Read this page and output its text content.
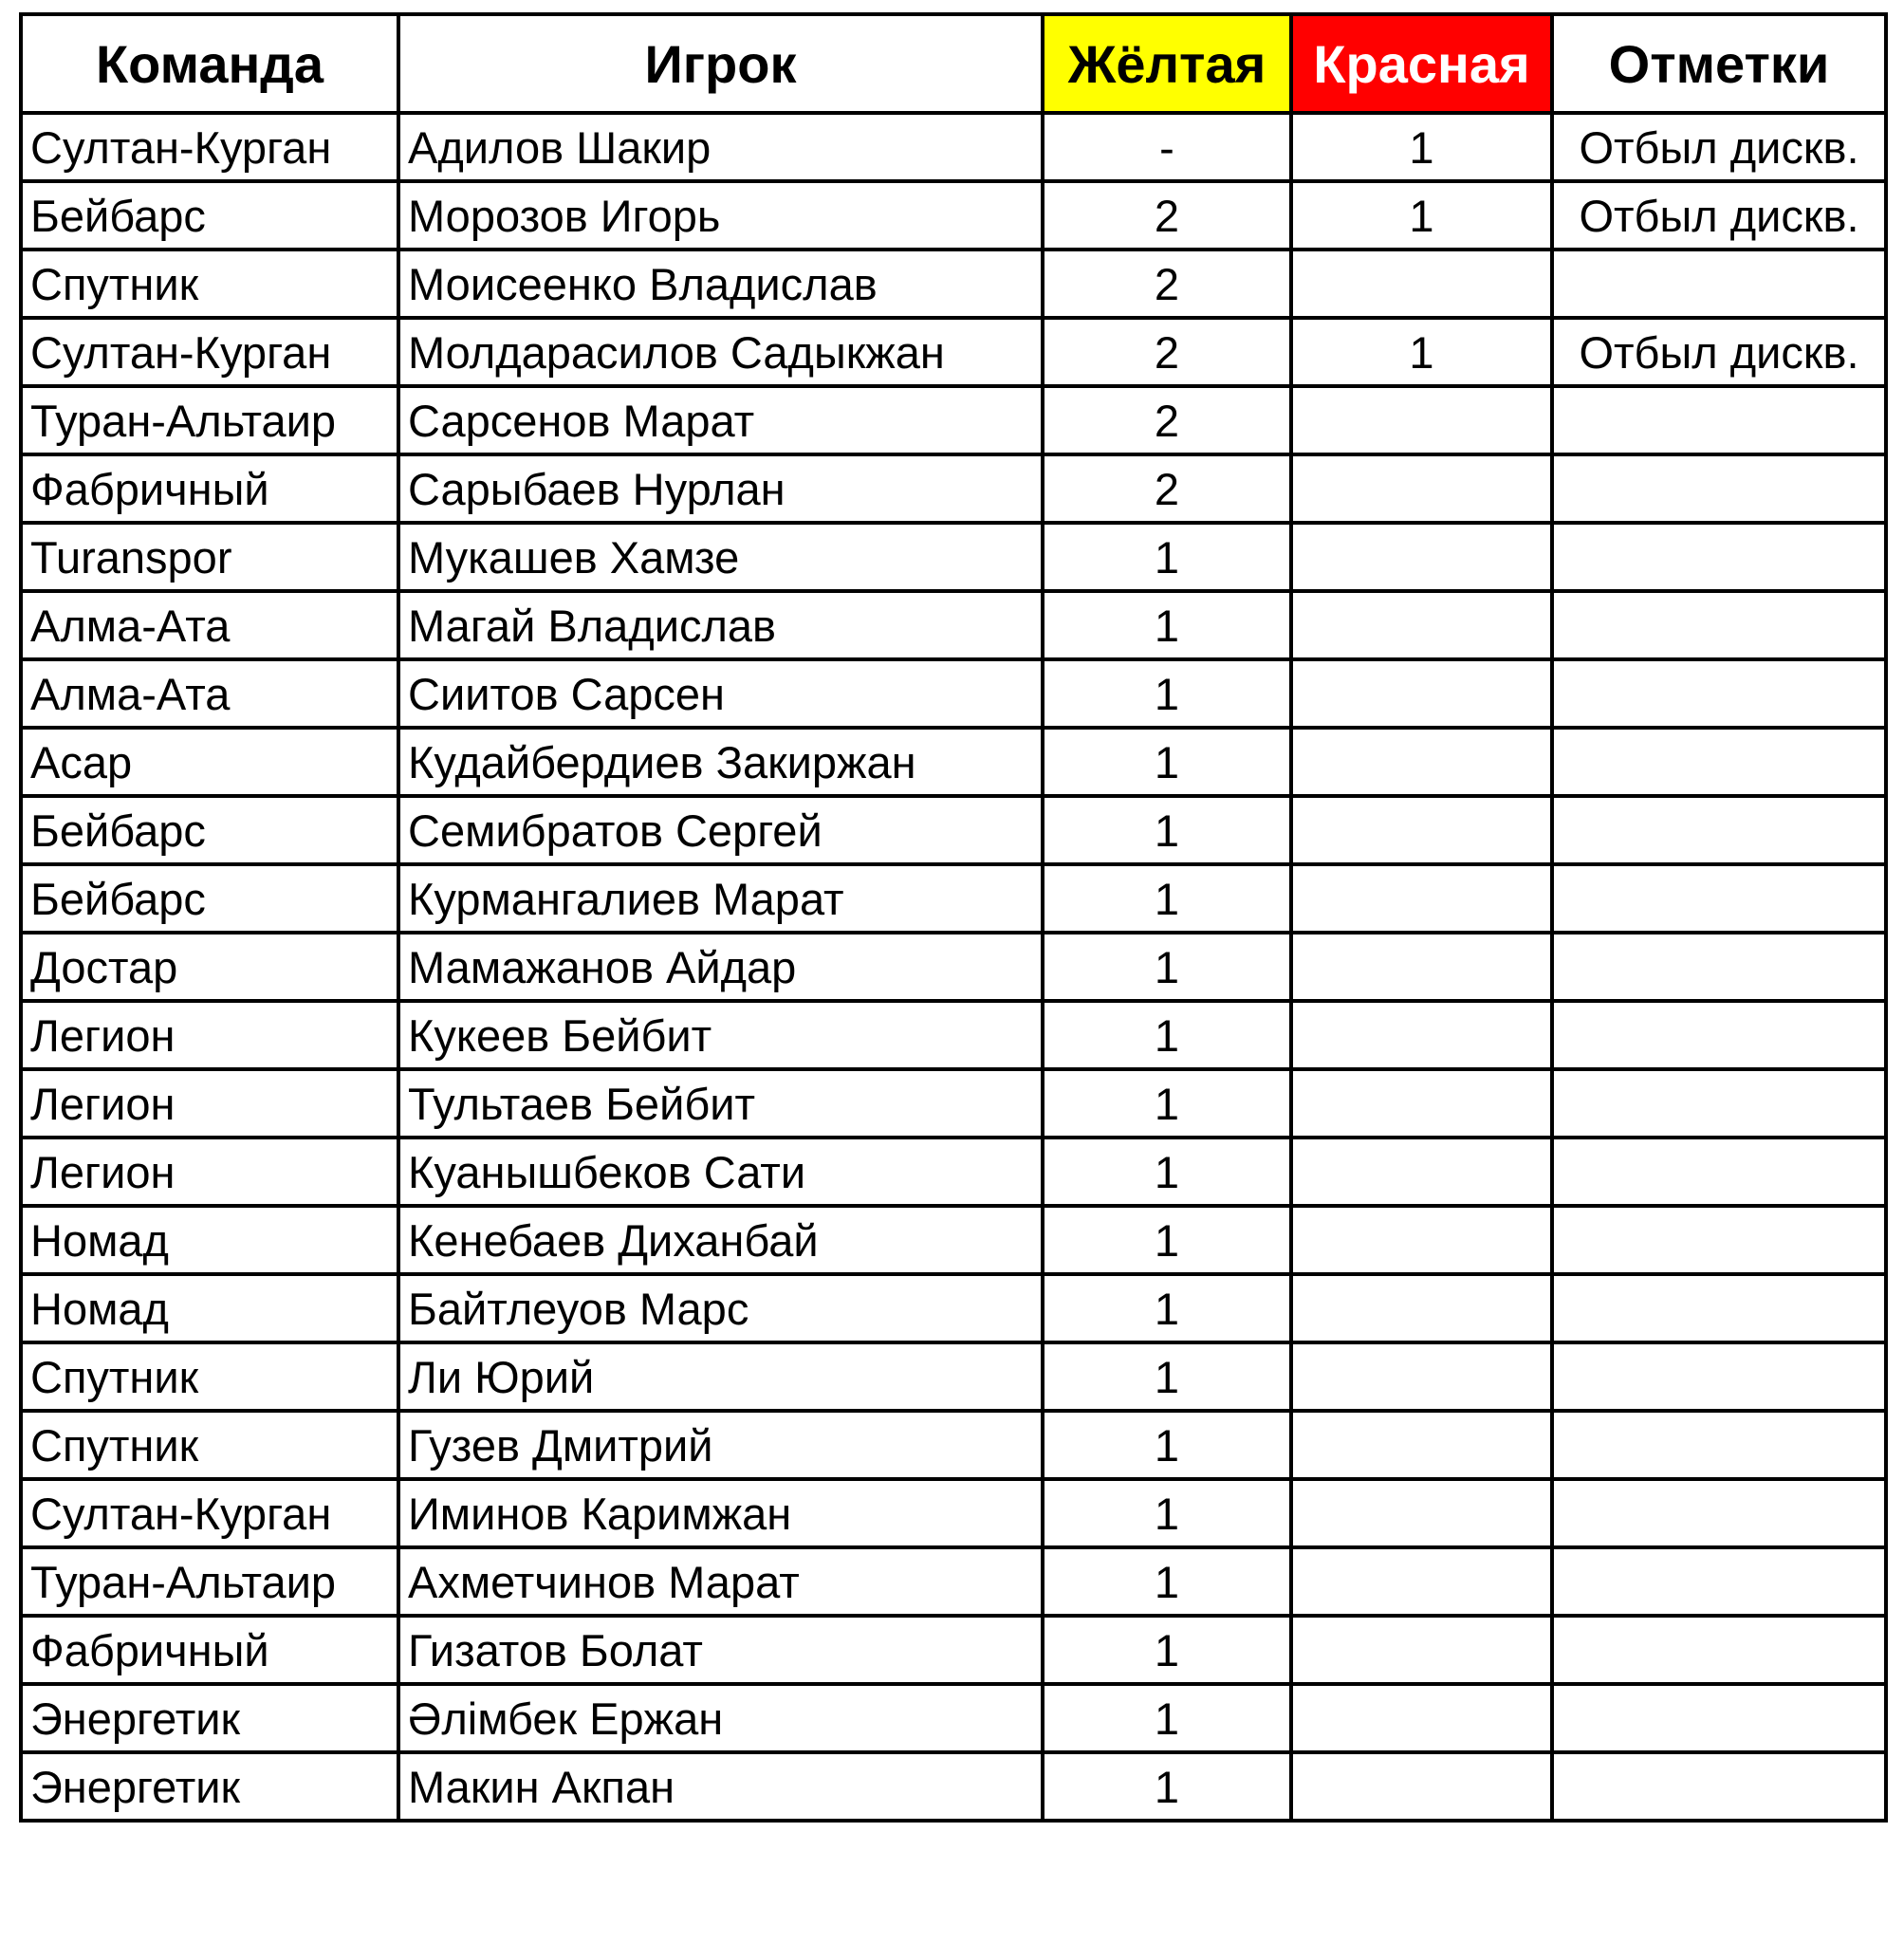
Команда	Игрок	Жёлтая	Красная	Отметки
Султан-Курган	Адилов Шакир	-	1	Отбыл дискв.
Бейбарс	Морозов Игорь	2	1	Отбыл дискв.
Спутник	Моисеенко Владислав	2		
Султан-Курган	Молдарасилов Садыкжан	2	1	Отбыл дискв.
Туран-Альтаир	Сарсенов Марат	2		
Фабричный	Сарыбаев Нурлан	2		
Turanspor	Мукашев Хамзе	1		
Алма-Ата	Магай Владислав	1		
Алма-Ата	Сиитов Сарсен	1		
Асар	Кудайбердиев Закиржан	1		
Бейбарс	Семибратов Сергей	1		
Бейбарс	Курмангалиев Марат	1		
Достар	Мамажанов Айдар	1		
Легион	Кукеев Бейбит	1		
Легион	Тультаев Бейбит	1		
Легион	Куанышбеков Сати	1		
Номад	Кенебаев Диханбай	1		
Номад	Байтлеуов Марс	1		
Спутник	Ли Юрий	1		
Спутник	Гузев Дмитрий	1		
Султан-Курган	Иминов Каримжан	1		
Туран-Альтаир	Ахметчинов Марат	1		
Фабричный	Гизатов Болат	1		
Энергетик	Әлімбек Ержан	1		
Энергетик	Макин Акпан	1		
